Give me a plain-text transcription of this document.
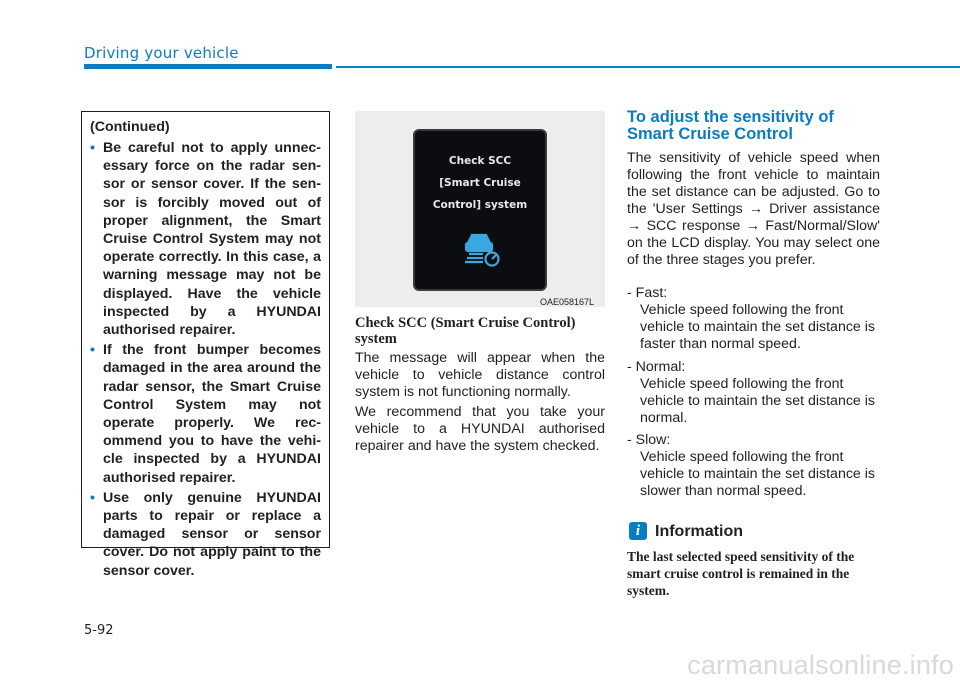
Driving your vehicle
(Continued)
• Be careful not to apply unnec-essary force on the radar sen-sor or sensor cover. If the sen-sor is forcibly moved out of proper alignment, the Smart Cruise Control System may not operate correctly. In this case, a warning message may not be displayed. Have the vehicle inspected by a HYUNDAI authorised repairer.
• If the front bumper becomes damaged in the area around the radar sensor, the Smart Cruise Control System may not operate properly. We rec-ommend you to have the vehi-cle inspected by a HYUNDAI authorised repairer.
• Use only genuine HYUNDAI parts to repair or replace a damaged sensor or sensor cover. Do not apply paint to the sensor cover.
Check SCC
[Smart Cruise
Control] system
OAE058167L
Check SCC (Smart Cruise Control) system
The message will appear when the vehicle to vehicle distance control system is not functioning normally.
We recommend that you take your vehicle to a HYUNDAI authorised repairer and have the system checked.
To adjust the sensitivity of
Smart Cruise Control
The sensitivity of vehicle speed when following the front vehicle to maintain the set distance can be adjusted. Go to the 'User Settings → Driver assistance → SCC response → Fast/Normal/Slow' on the LCD display. You may select one of the three stages you prefer.
- Fast:
Vehicle speed following the front vehicle to maintain the set distance is faster than normal speed.
- Normal:
Vehicle speed following the front vehicle to maintain the set distance is normal.
- Slow:
Vehicle speed following the front vehicle to maintain the set distance is slower than normal speed.
i Information
The last selected speed sensitivity of the smart cruise control is remained in the system.
5-92
carmanualsonline.info
